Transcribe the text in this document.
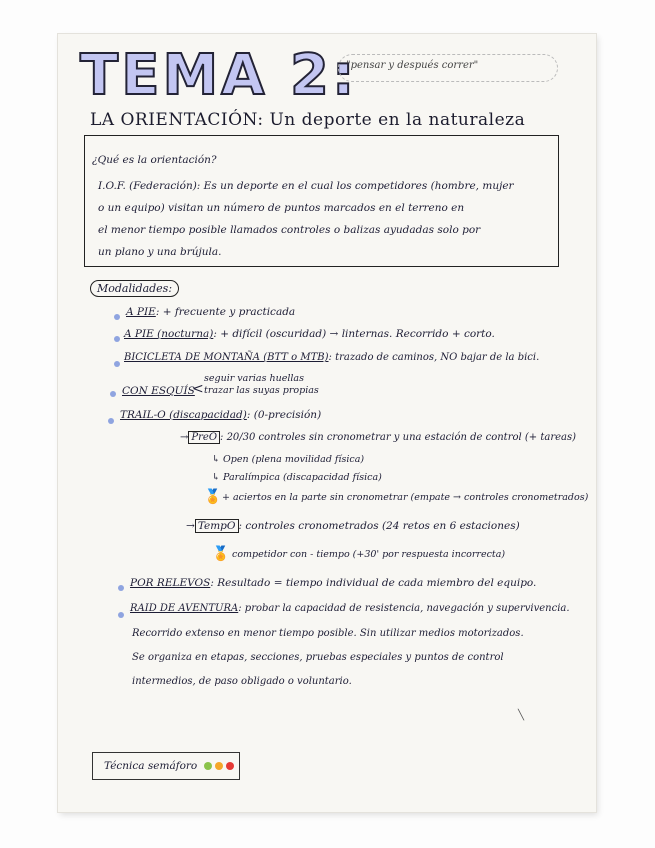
TEMA 2:
"pensar y después correr"
LA ORIENTACIÓN: Un deporte en la naturaleza
¿Qué es la orientación?
I.O.F. (Federación): Es un deporte en el cual los competidores (hombre, mujer
o un equipo) visitan un número de puntos marcados en el terreno en
el menor tiempo posible llamados controles o balizas ayudadas solo por
un plano y una brújula.
Modalidades:
A PIE: + frecuente y practicada
A PIE (nocturna): + difícil (oscuridad) → linternas. Recorrido + corto.
BICICLETA DE MONTAÑA (BTT o MTB): trazado de caminos, NO bajar de la bici.
CON ESQUÍS
<
seguir varias huellas
trazar las suyas propias
TRAIL-O (discapacidad): (0-precisión)
→PreO : 20/30 controles sin cronometrar y una estación de control (+ tareas)
↳ Open (plena movilidad física)
↳ Paralímpica (discapacidad física)
🏅 + aciertos en la parte sin cronometrar (empate → controles cronometrados)
→TempO : controles cronometrados (24 retos en 6 estaciones)
🏅 competidor con - tiempo (+30' por respuesta incorrecta)
POR RELEVOS: Resultado = tiempo individual de cada miembro del equipo.
RAID DE AVENTURA: probar la capacidad de resistencia, navegación y supervivencia.
Recorrido extenso en menor tiempo posible. Sin utilizar medios motorizados.
Se organiza en etapas, secciones, pruebas especiales y puntos de control
intermedios, de paso obligado o voluntario.
╲
Técnica semáforo
